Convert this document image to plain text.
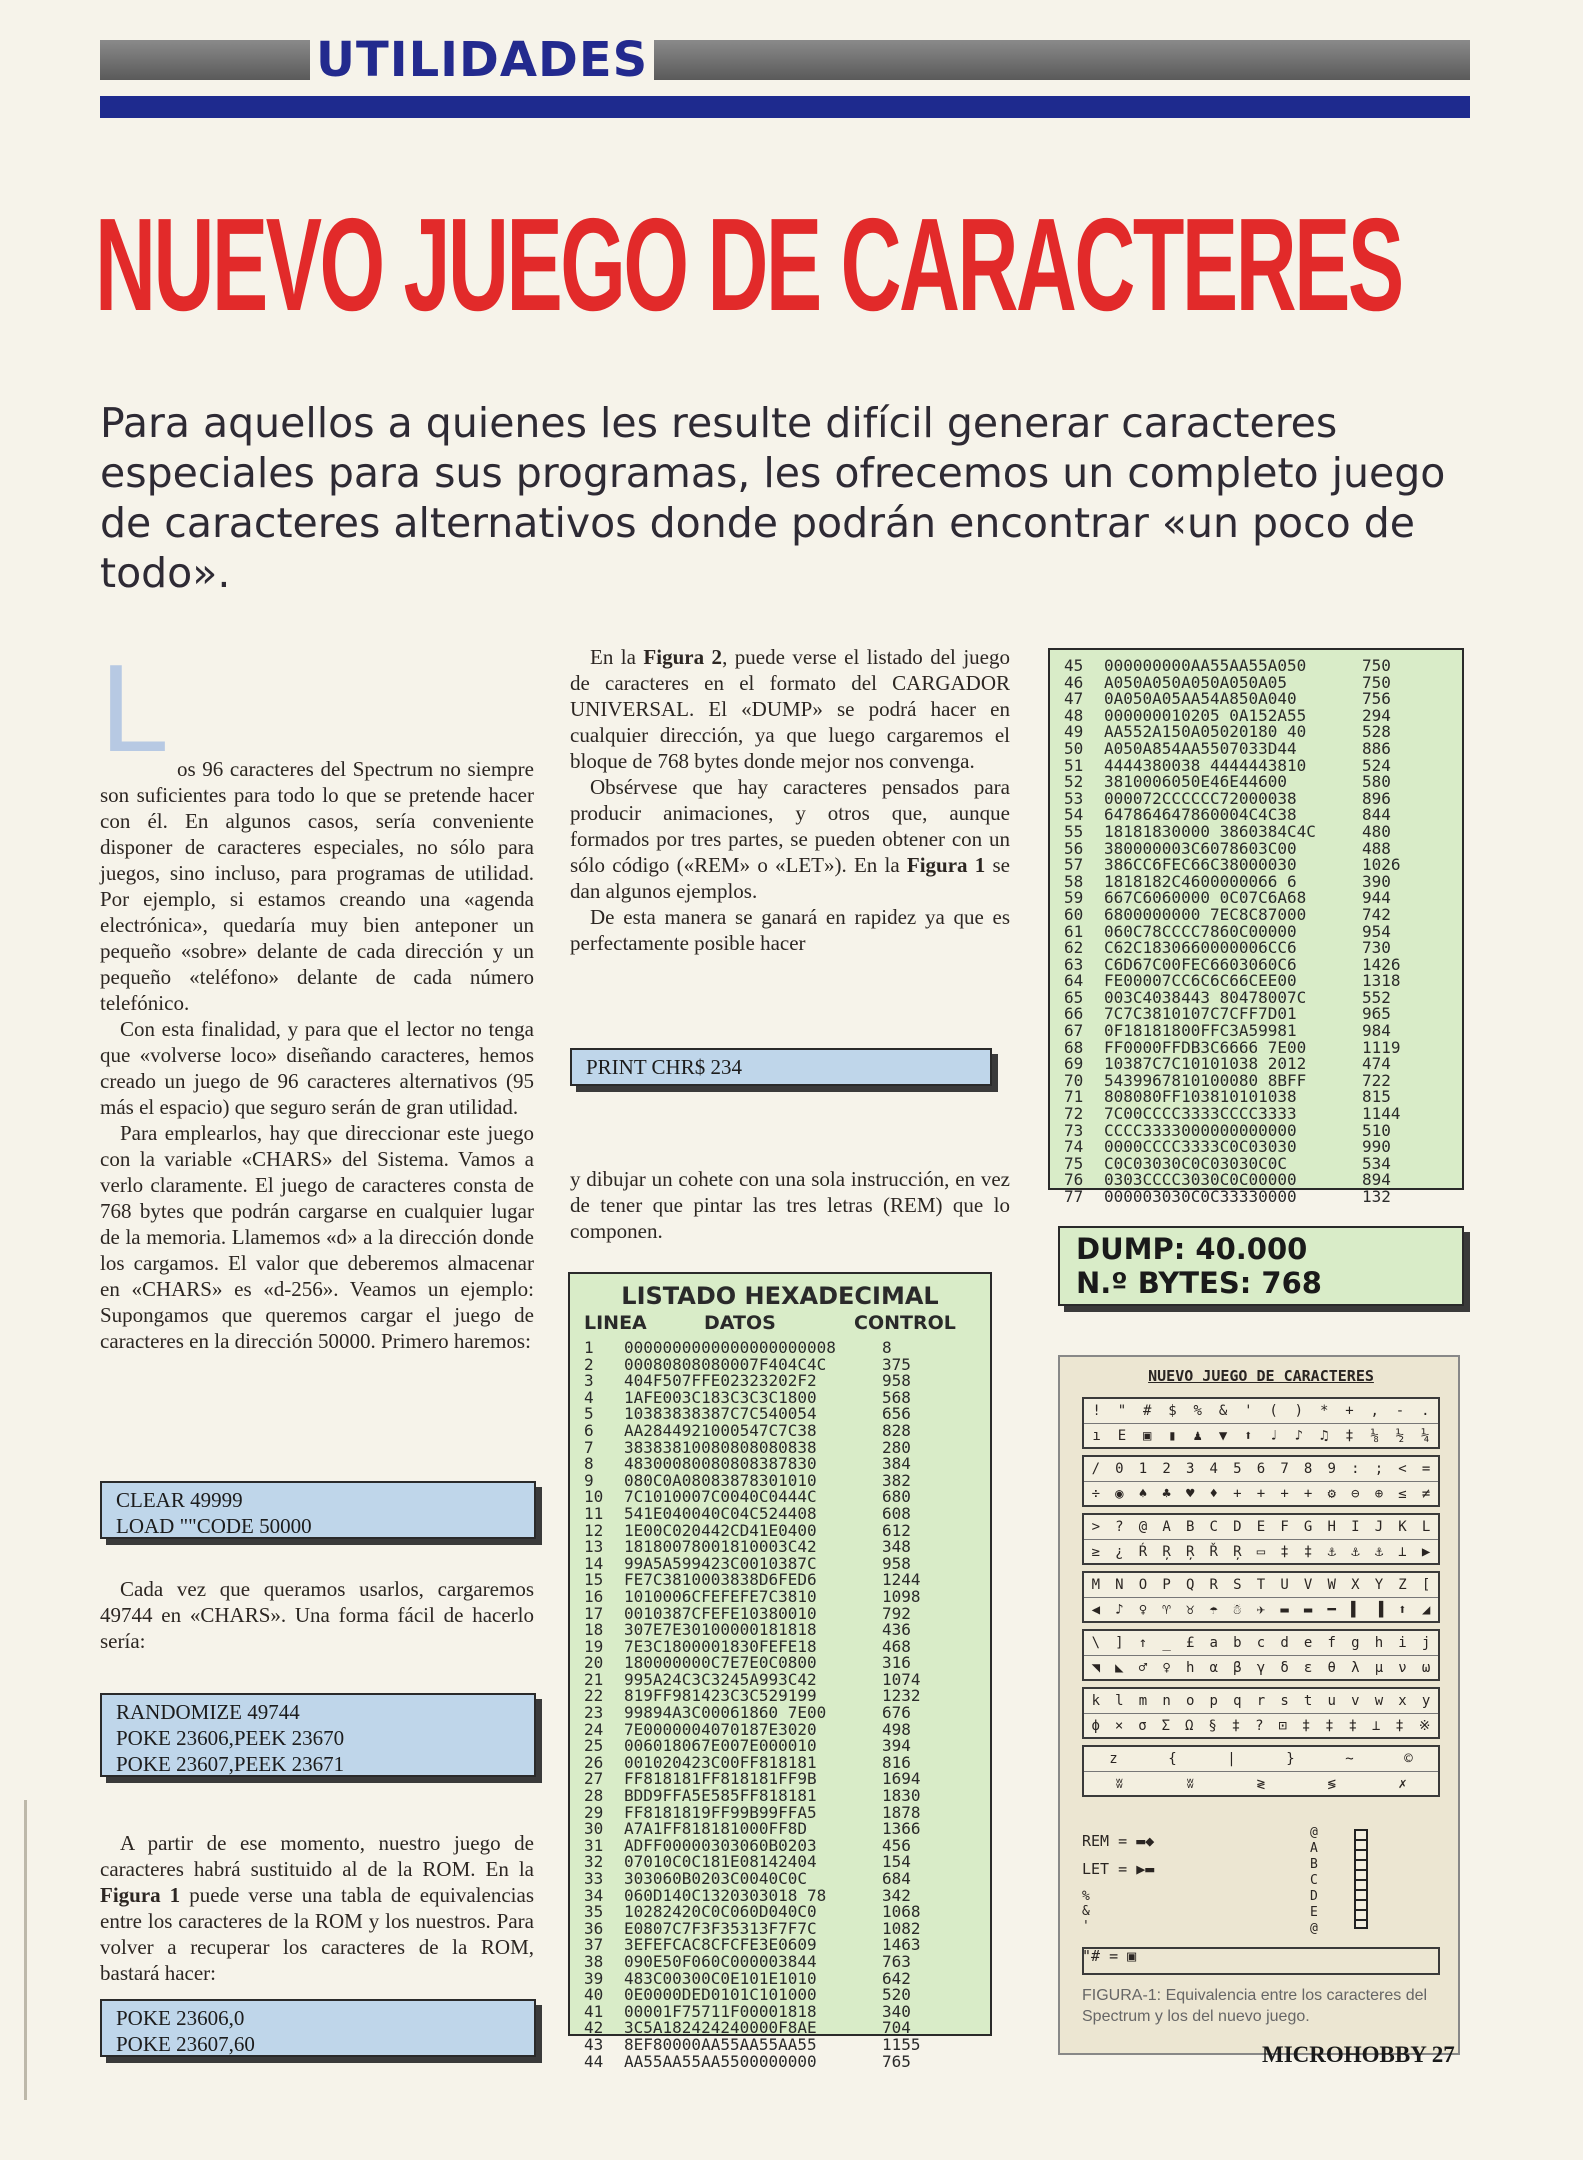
UTILIDADES
NUEVO JUEGO DE CARACTERES
Para aquellos a quienes les resulte difícil generar caracteres especiales para sus programas, les ofrecemos un completo juego de caracteres alternativos donde podrán encontrar «un poco de todo».
L os 96 caracteres del Spectrum no siempre son suficientes para todo lo que se pretende hacer con él. En algunos casos, sería conveniente disponer de caracteres especiales, no sólo para juegos, sino incluso, para programas de utilidad. Por ejemplo, si estamos creando una «agenda electrónica», quedaría muy bien anteponer un pequeño «sobre» delante de cada dirección y un pequeño «teléfono» delante de cada número telefónico.

Con esta finalidad, y para que el lector no tenga que «volverse loco» diseñando caracteres, hemos creado un juego de 96 caracteres alternativos (95 más el espacio) que seguro serán de gran utilidad.

Para emplearlos, hay que direccionar este juego con la variable «CHARS» del Sistema. Vamos a verlo claramente. El juego de caracteres consta de 768 bytes que podrán cargarse en cualquier lugar de la memoria. Llamemos «d» a la dirección donde los cargamos. El valor que deberemos almacenar en «CHARS» es «d-256». Veamos un ejemplo: Supongamos que queremos cargar el juego de caracteres en la dirección 50000. Primero haremos:

CLEAR 49999
LOAD ""CODE 50000

Cada vez que queramos usarlos, cargaremos 49744 en «CHARS». Una forma fácil de hacerlo sería:

RANDOMIZE 49744
POKE 23606,PEEK 23670
POKE 23607,PEEK 23671

A partir de ese momento, nuestro juego de caracteres habrá sustituido al de la ROM. En la Figura 1 puede verse una tabla de equivalencias entre los caracteres de la ROM y los nuestros. Para volver a recuperar los caracteres de la ROM, bastará hacer:

POKE 23606,0
POKE 23607,60

En la Figura 2, puede verse el listado del juego de caracteres en el formato del CARGADOR UNIVERSAL. El «DUMP» se podrá hacer en cualquier dirección, ya que luego cargaremos el bloque de 768 bytes donde mejor nos convenga.

Obsérvese que hay caracteres pensados para producir animaciones, y otros que, aunque formados por tres partes, se pueden obtener con un sólo código («REM» o «LET»). En la Figura 1 se dan algunos ejemplos.

De esta manera se ganará en rapidez ya que es perfectamente posible hacer

PRINT CHR$ 234

y dibujar un cohete con una sola instrucción, en vez de tener que pintar las tres letras (REM) que lo componen.

LISTADO HEXADECIMAL
LINEA	DATOS	CONTROL
1	0000000000000000000008	8
2	00080808080007F404C4C	375
3	404F507FFE02323202F2	958
4	1AFE003C183C3C3C1800	568
5	10383838387C7C540054	656
6	AA2844921000547C7C38	828
7	38383810080808080838	280
8	48300080080808387830	384
9	080C0A08083878301010	382
10	7C1010007C0040C0444C	680
11	541E040040C04C524408	608
12	1E00C020442CD41E0400	612
13	18180078001810003C42	348
14	99A5A599423C0010387C	958
15	FE7C3810003838D6FED6	1244
16	1010006CFEFEFE7C3810	1098
17	0010387CFEFE10380010	792
18	307E7E30100000181818	436
19	7E3C1800001830FEFE18	468
20	180000000C7E7E0C0800	316
21	995A24C3C3245A993C42	1074
22	819FF981423C3C529199	1232
23	99894A3C00061860 7E00	676
24	7E0000004070187E3020	498
25	006018067E007E000010	394
26	001020423C00FF818181	816
27	FF818181FF818181FF9B	1694
28	BDD9FFA5E585FF818181	1830
29	FF8181819FF99B99FFA5	1878
30	A7A1FF818181000FF8D	1366
31	ADFF00000303060B0203	456
32	07010C0C181E08142404	154
33	303060B0203C0040C0C	684
34	060D140C1320303018 78	342
35	10282420C0C060D040C0	1068
36	E0807C7F3F35313F7F7C	1082
37	3EFEFCAC8CFCFE3E0609	1463
38	090E50F060C000003844	763
39	483C00300C0E101E1010	642
40	0E0000DED0101C101000	520
41	00001F75711F00001818	340
42	3C5A182424240000F8AE	704
43	8EF80000AA55AA55AA55	1155
44	AA55AA55AA5500000000	765
45	000000000AA55AA55A050	750
46	A050A050A050A050A05	750
47	0A050A05AA54A850A040	756
48	000000010205 0A152A55	294
49	AA552A150A05020180 40	528
50	A050A854AA5507033D44	886
51	4444380038 4444443810	524
52	3810006050E46E44600	580
53	000072CCCCCC72000038	896
54	647864647860004C4C38	844
55	18181830000 3860384C4C	480
56	380000003C6078603C00	488
57	386CC6FEC66C38000030	1026
58	1818182C4600000066 6	390
59	667C6060000 0C07C6A68	944
60	6800000000 7EC8C87000	742
61	060C78CCCC7860C00000	954
62	C62C1830660000006CC6	730
63	C6D67C00FEC6603060C6	1426
64	FE00007CC6C6C66CEE00	1318
65	003C4038443 80478007C	552
66	7C7C3810107C7CFF7D01	965
67	0F18181800FFC3A59981	984
68	FF0000FFDB3C6666 7E00	1119
69	10387C7C10101038 2012	474
70	5439967810100080 8BFF	722
71	808080FF103810101038	815
72	7C00CCCC3333CCCC3333	1144
73	CCCC3333000000000000	510
74	0000CCCC3333C0C03030	990
75	C0C03030C0C03030C0C	534
76	0303CCCC3030C0C00000	894
77	000003030C0C33330000	132
DUMP: 40.000
N.º BYTES: 768
NUEVO JUEGO DE CARACTERES
! " # $ % & ' ( ) * + , - .
ı E ▣ ▮ ♟ ▼ ⬆ ♩ ♪ ♫ ‡ ⅛ ½ ¼
/ 0 1 2 3 4 5 6 7 8 9 : ; < =
÷ ◉ ♠ ♣ ♥ ♦ + + + + ⚙ ⊖ ⊕ ≤ ≠
> ? @ A B C D E F G H I J K L
≥ ¿ Ŕ Ŗ Ŗ Ř Ŗ ▭ ‡ ‡ ⚓ ⚓ ⚓ ⊥ ▶
M N O P Q R S T U V W X Y Z [
◀ ♪ ♀ ♈ ♉ ☂ ☃ ✈ ▬ ▬ ━ ▌ ▐ ⬆ ◢
\ ] ↑ _ £ a b c d e f g h i j
◥ ◣ ♂ ♀ h α β γ δ ε θ λ μ ν ω
k l m n o p q r s t u v w x y
ϕ × σ Σ Ω § ‡ ? ⊡ ‡ ‡ ‡ ⊥ ‡ ※
z	{	|	}	~	©
ʬ	ʬ	≷	≶	✗
REM = ▬◆
LET = ▶▬
%
&
'
"# = ▣
@
A
B
C
D
E
@
FIGURA-1: Equivalencia entre los caracteres del Spectrum y los del nuevo juego.
MICROHOBBY 27
